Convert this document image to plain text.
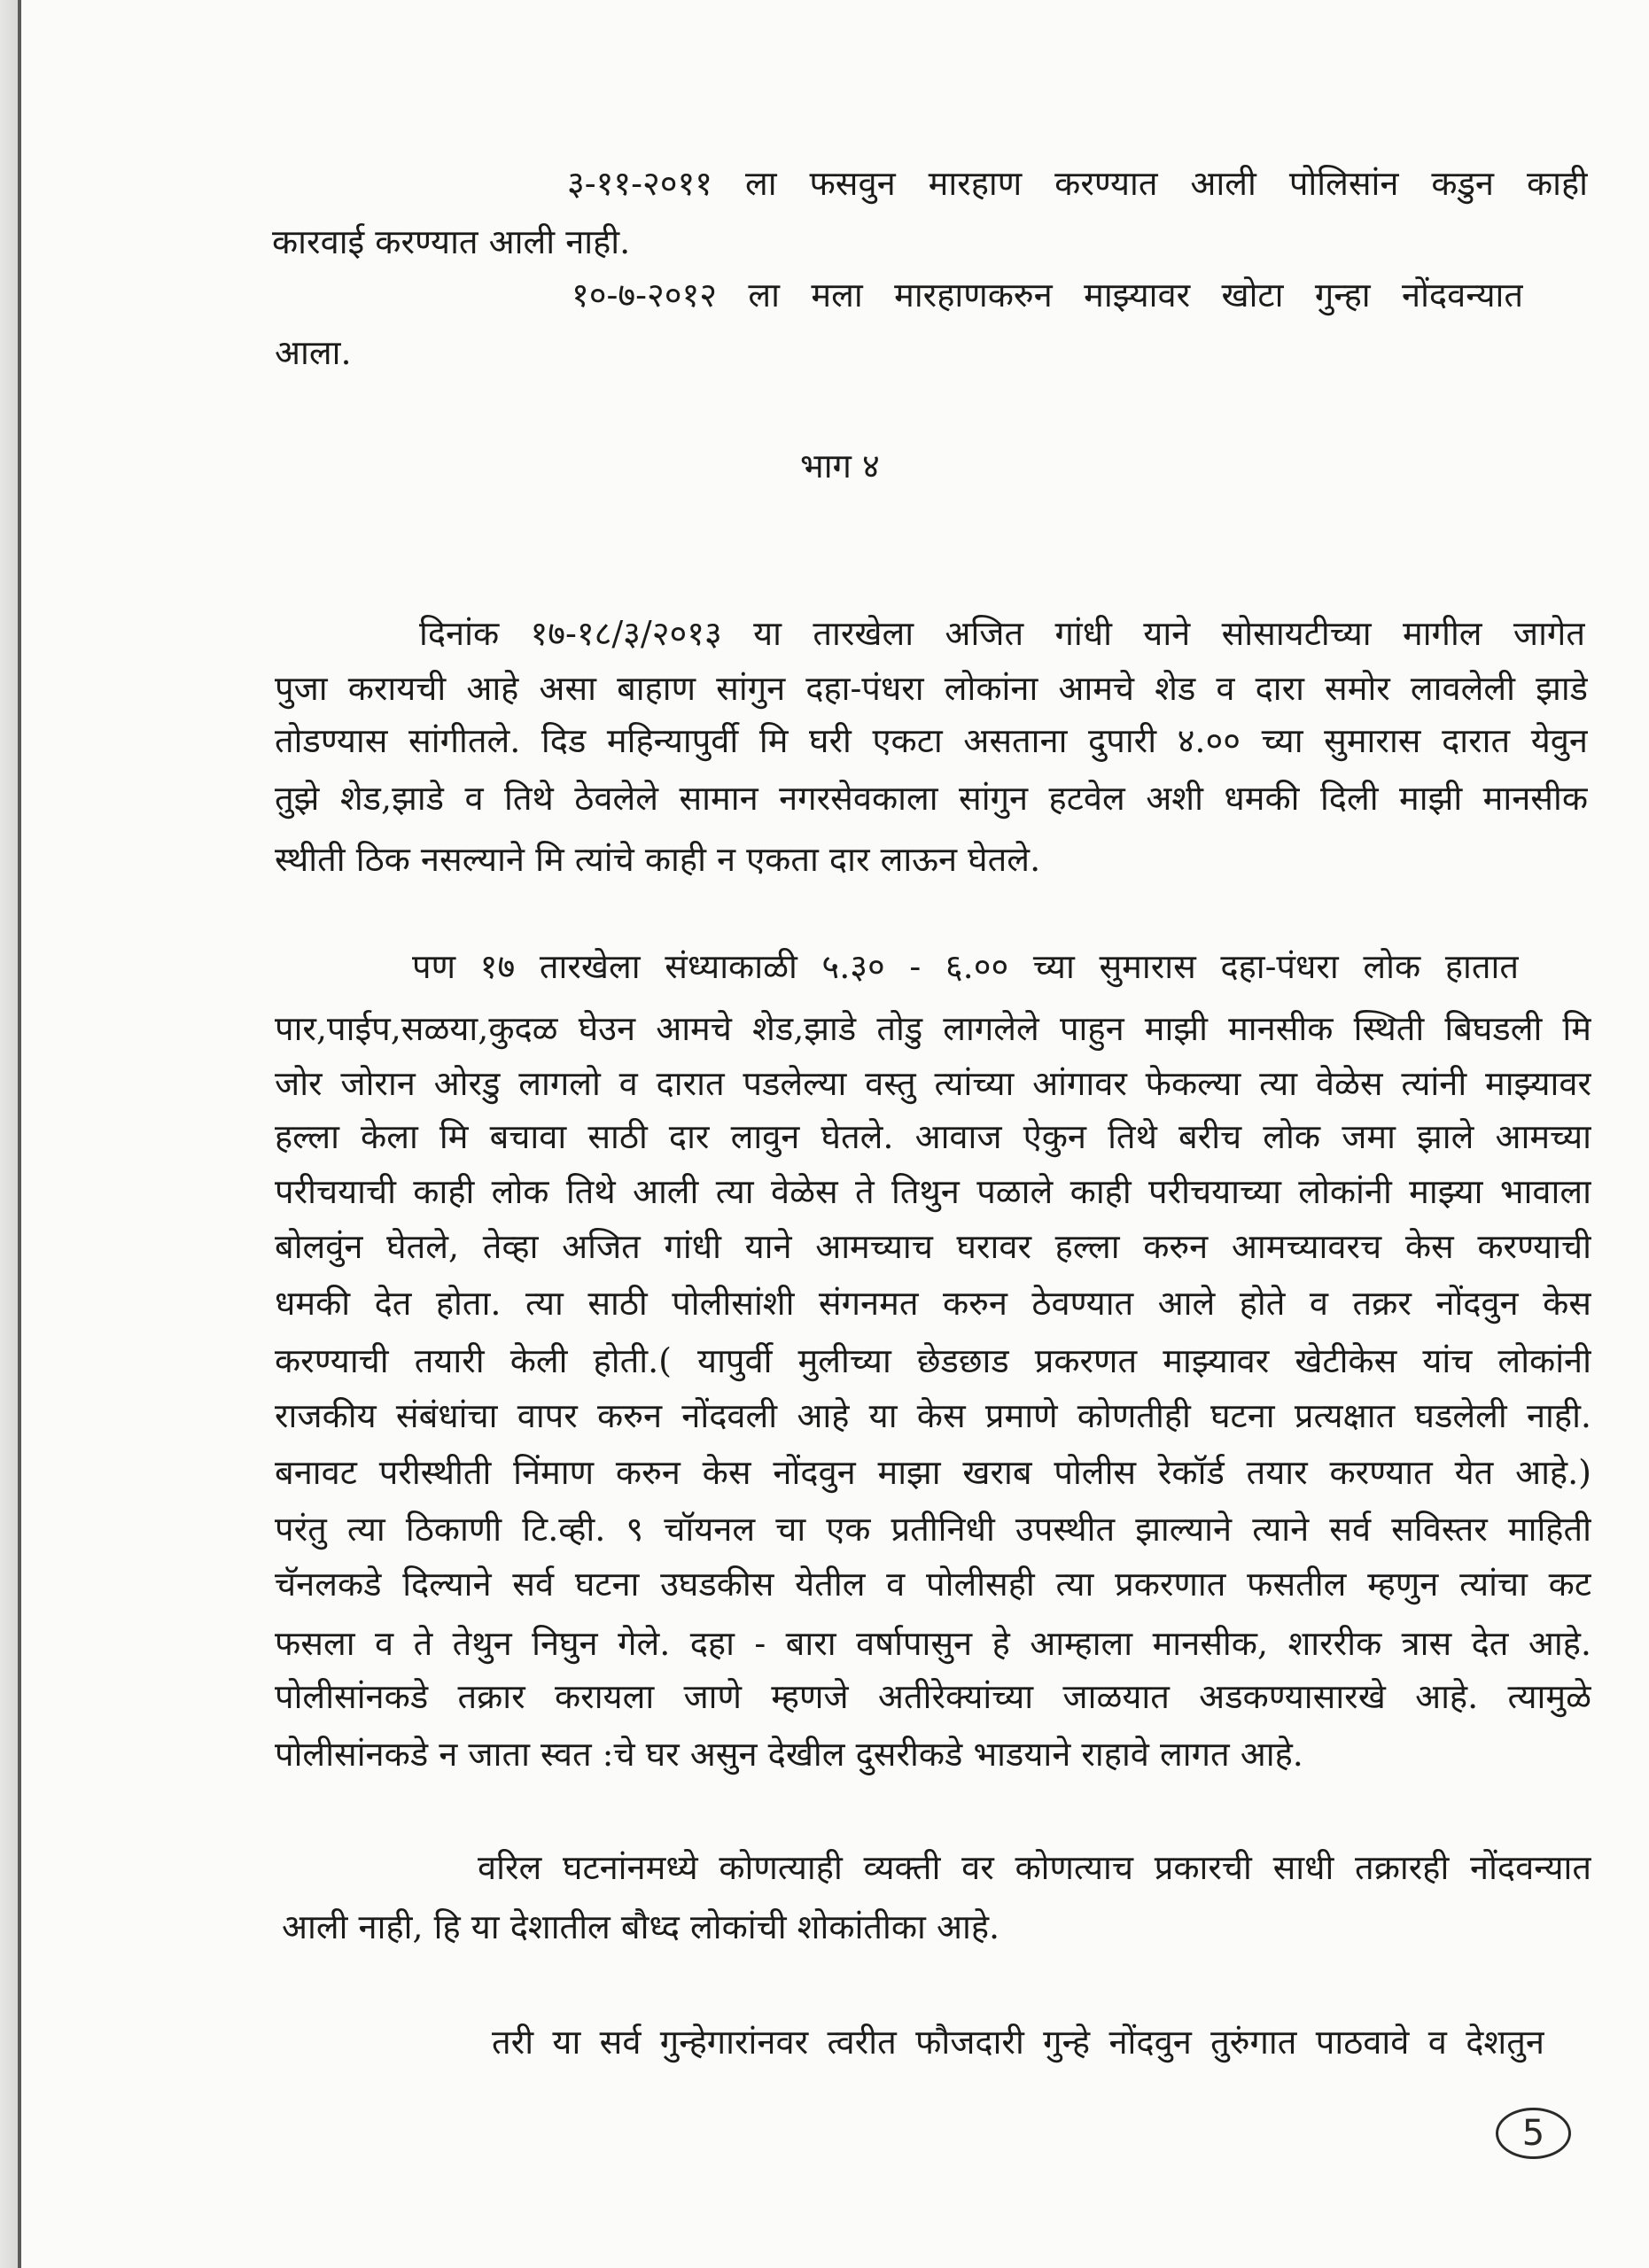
३-११-२०११ ला फसवुन मारहाण करण्यात आली पोलिसांन कडुन काही
कारवाई करण्यात आली नाही.
१०-७-२०१२ ला मला मारहाणकरुन माझ्यावर खोटा गुन्हा नोंदवन्यात
आला.
भाग ४
दिनांक १७-१८/३/२०१३ या तारखेला अजित गांधी याने सोसायटीच्या मागील जागेत
पुजा करायची आहे असा बाहाण सांगुन दहा-पंधरा लोकांना आमचे शेड व दारा समोर लावलेली झाडे
तोडण्यास सांगीतले. दिड महिन्यापुर्वी मि घरी एकटा असताना दुपारी ४.०० च्या सुमारास दारात येवुन
तुझे शेड,झाडे व तिथे ठेवलेले सामान नगरसेवकाला सांगुन हटवेल अशी धमकी दिली माझी मानसीक
स्थीती ठिक नसल्याने मि त्यांचे काही न एकता दार लाऊन घेतले.
पण १७ तारखेला संध्याकाळी ५.३० - ६.०० च्या सुमारास दहा-पंधरा लोक हातात
पार,पाईप,सळया,कुदळ घेउन आमचे शेड,झाडे तोडु लागलेले पाहुन माझी मानसीक स्थिती बिघडली मि
जोर जोरान ओरडु लागलो व दारात पडलेल्या वस्तु त्यांच्या आंगावर फेकल्या त्या वेळेस त्यांनी माझ्यावर
हल्ला केला मि बचावा साठी दार लावुन घेतले. आवाज ऐकुन तिथे बरीच लोक जमा झाले आमच्या
परीचयाची काही लोक तिथे आली त्या वेळेस ते तिथुन पळाले काही परीचयाच्या लोकांनी माझ्या भावाला
बोलवुंन घेतले, तेव्हा अजित गांधी याने आमच्याच घरावर हल्ला करुन आमच्यावरच केस करण्याची
धमकी देत होता. त्या साठी पोलीसांशी संगनमत करुन ठेवण्यात आले होते व तक्रर नोंदवुन केस
करण्याची तयारी केली होती.( यापुर्वी मुलीच्या छेडछाड प्रकरणत माझ्यावर खेटीकेस यांच लोकांनी
राजकीय संबंधांचा वापर करुन नोंदवली आहे या केस प्रमाणे कोणतीही घटना प्रत्यक्षात घडलेली नाही.
बनावट परीस्थीती निंमाण करुन केस नोंदवुन माझा खराब पोलीस रेकॉर्ड तयार करण्यात येत आहे.)
परंतु त्या ठिकाणी टि.व्ही. ९ चॉयनल चा एक प्रतीनिधी उपस्थीत झाल्याने त्याने सर्व सविस्तर माहिती
चॅनलकडे दिल्याने सर्व घटना उघडकीस येतील व पोलीसही त्या प्रकरणात फसतील म्हणुन त्यांचा कट
फसला व ते तेथुन निघुन गेले. दहा - बारा वर्षापासुन हे आम्हाला मानसीक, शाररीक त्रास देत आहे.
पोलीसांनकडे तक्रार करायला जाणे म्हणजे अतीरेक्यांच्या जाळयात अडकण्यासारखे आहे. त्यामुळे
पोलीसांनकडे न जाता स्वत :चे घर असुन देखील दुसरीकडे भाडयाने राहावे लागत आहे.
वरिल घटनांनमध्ये कोणत्याही व्यक्ती वर कोणत्याच प्रकारची साधी तक्रारही नोंदवन्यात
आली नाही, हि या देशातील बौध्द लोकांची शोकांतीका आहे.
तरी या सर्व गुन्हेगारांनवर त्वरीत फौजदारी गुन्हे नोंदवुन तुरुंगात पाठवावे व देशतुन
5
